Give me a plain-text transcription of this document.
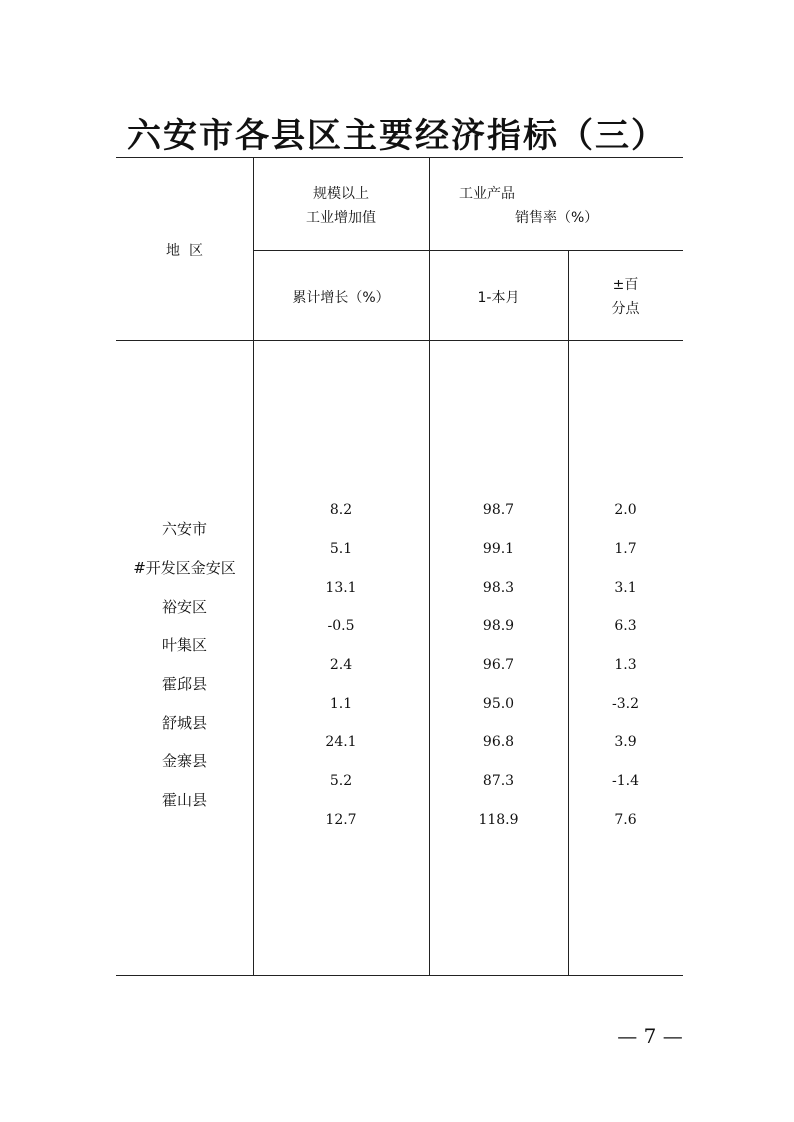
六安市各县区主要经济指标（三）
地  区
规模以上
工业增加值
工业产品
销售率（%）
累计增长（%）	1-本月
±百
分点
六安市
#开发区金安区
裕安区
叶集区
霍邱县
舒城县
金寨县
霍山县
8.2
5.1
13.1
-0.5
2.4
1.1
24.1
5.2
12.7
98.7
99.1
98.3
98.9
96.7
95.0
96.8
87.3
118.9
2.0
1.7
3.1
6.3
1.3
-3.2
3.9
-1.4
7.6
— 7 —
